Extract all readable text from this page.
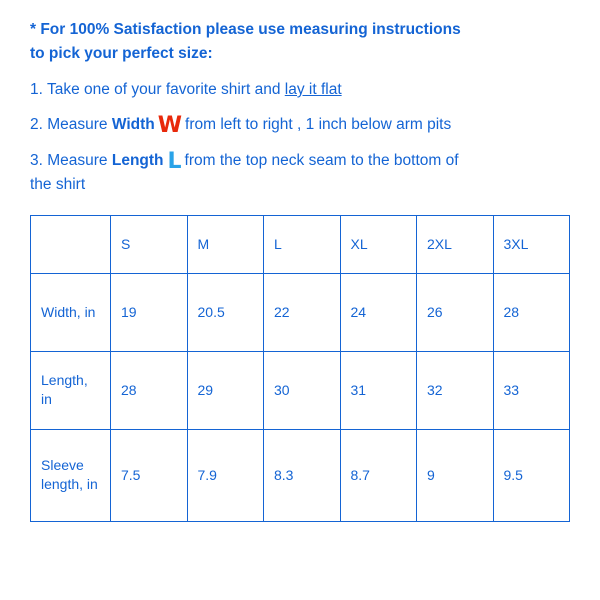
* For 100% Satisfaction please use measuring instructions
to pick your perfect size:

1. Take one of your favorite shirt and lay it flat

2. Measure Width W from left to right , 1 inch below arm pits

3. Measure Length L from the top neck seam to the bottom of
the shirt

	S	M	L	XL	2XL	3XL
Width, in	19	20.5	22	24	26	28
Length, in	28	29	30	31	32	33
Sleeve length, in	7.5	7.9	8.3	8.7	9	9.5
